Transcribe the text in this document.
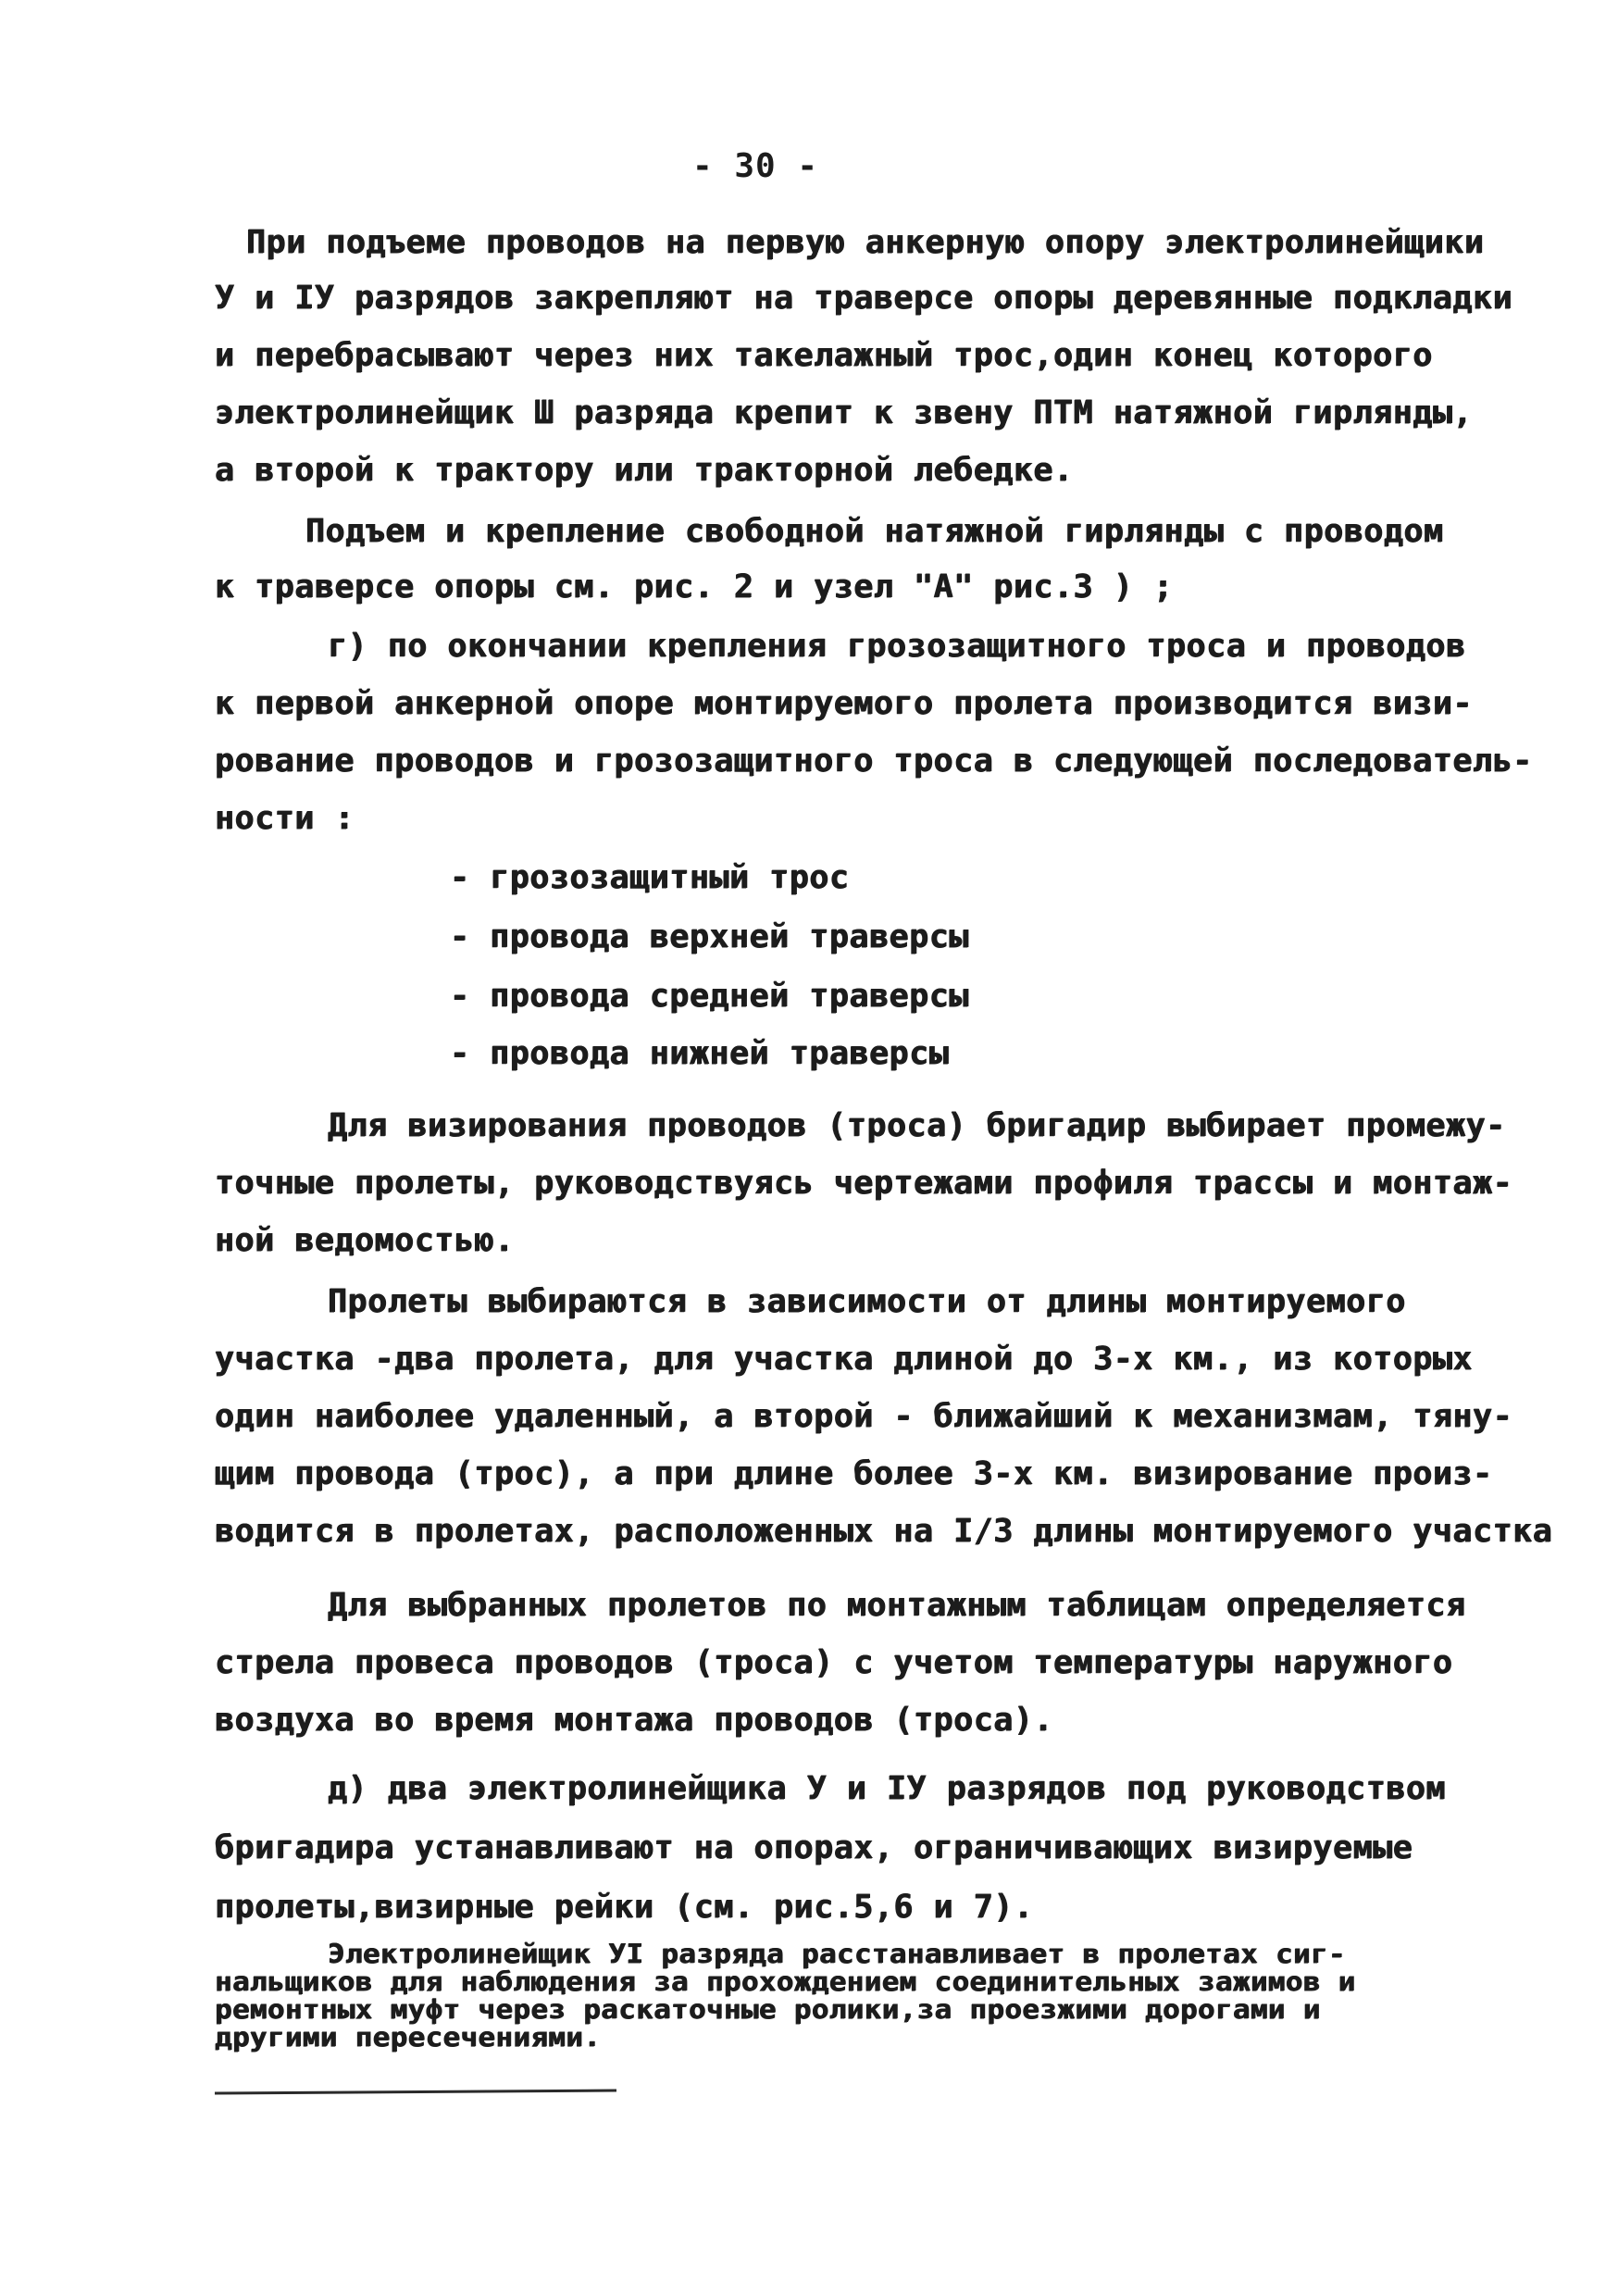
- 30 -
При подъеме проводов на первую анкерную опору электролинейщики
У и IУ разрядов закрепляют на траверсе опоры деревянные подкладки
и перебрасывают через них такелажный трос,один конец которого
электролинейщик Ш разряда крепит к звену ПТМ натяжной гирлянды,
а второй к трактору или тракторной лебедке.
Подъем и крепление свободной натяжной гирлянды с проводом
к траверсе опоры см. рис. 2 и узел "А" рис.3 ) ;
г) по окончании крепления грозозащитного троса и проводов
к первой анкерной опоре монтируемого пролета производится визи-
рование проводов и грозозащитного троса в следующей последователь-
ности :
- грозозащитный трос
- провода верхней траверсы
- провода средней траверсы
- провода нижней траверсы
Для визирования проводов (троса) бригадир выбирает промежу-
точные пролеты, руководствуясь чертежами профиля трассы и монтаж-
ной ведомостью.
Пролеты выбираются в зависимости от длины монтируемого
участка -два пролета, для участка длиной до 3-х км., из которых
один наиболее удаленный, а второй - ближайший к механизмам, тяну-
щим провода (трос), а при длине более 3-х км. визирование произ-
водится в пролетах, расположенных на I/3 длины монтируемого участка
Для выбранных пролетов по монтажным таблицам определяется
стрела провеса проводов (троса) с учетом температуры наружного
воздуха во время монтажа проводов (троса).
д) два электролинейщика У и IУ разрядов под руководством
бригадира устанавливают на опорах, ограничивающих визируемые
пролеты,визирные рейки (см. рис.5,6 и 7).
Электролинейщик УI разряда расстанавливает в пролетах сиг-
нальщиков для наблюдения за прохождением соединительных зажимов и
ремонтных муфт через раскаточные ролики,за проезжими дорогами и
другими пересечениями.
